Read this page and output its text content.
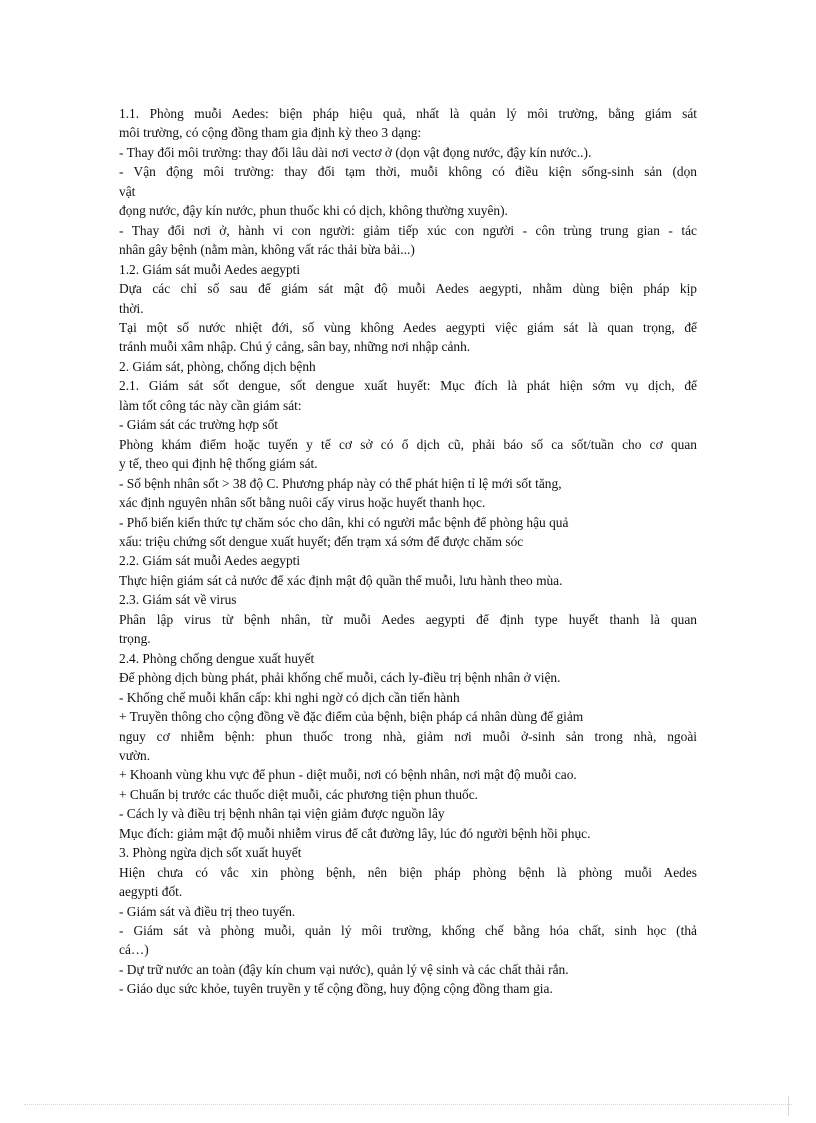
1.1. Phòng muỗi Aedes: biện pháp hiệu quả, nhất là quản lý môi trường, bằng giám sát
môi trường, có cộng đồng tham gia định kỳ theo 3 dạng:
- Thay đổi môi trường: thay đổi lâu dài nơi vectơ ở (dọn vật đọng nước, đậy kín nước..).
- Vận động môi trường: thay đổi tạm thời, muỗi không có điều kiện sống-sinh sản (dọn
vật
đọng nước, đậy kín nước, phun thuốc khi có dịch, không thường xuyên).
- Thay đổi nơi ở, hành vi con người: giảm tiếp xúc con người - côn trùng trung gian - tác
nhân gây bệnh (nằm màn, không vất rác thải bừa bải...)
1.2. Giám sát muỗi Aedes aegypti
Dựa các chỉ số sau để giám sát mật độ muỗi Aedes aegypti, nhằm dùng biện pháp kịp
thời.
Tại một số nước nhiệt đới, số vùng không Aedes aegypti việc giám sát là quan trọng, để
tránh muỗi xâm nhập. Chú ý cảng, sân bay, những nơi nhập cảnh.
2. Giám sát, phòng, chống dịch bệnh
2.1. Giám sát sốt dengue, sốt dengue xuất huyết: Mục đích là phát hiện sớm vụ dịch, để
làm tốt công tác này cần giám sát:
- Giám sát các trường hợp sốt
Phòng khám điểm hoặc tuyến y tế cơ sở có ổ dịch cũ, phải báo số ca sốt/tuần cho cơ quan
y tế, theo qui định hệ thống giám sát.
- Số bệnh nhân sốt > 38 độ C. Phương pháp này có thể phát hiện tỉ lệ mới sốt tăng,
xác định nguyên nhân sốt bằng nuôi cấy virus hoặc huyết thanh học.
- Phổ biến kiến thức tự chăm sóc cho dân, khi có người mắc bệnh để phòng hậu quả
xấu: triệu chứng sốt dengue xuất huyết; đến trạm xá sớm để được chăm sóc
2.2. Giám sát muỗi Aedes aegypti
Thực hiện giám sát cả nước để xác định mật độ quần thể muỗi, lưu hành theo mùa.
2.3. Giám sát về virus
Phân lập virus từ bệnh nhân, từ muỗi Aedes aegypti để định type huyết thanh là quan
trọng.
2.4. Phòng chống dengue xuất huyết
Để phòng dịch bùng phát, phải khống chế muỗi, cách ly-điều trị bệnh nhân ở viện.
- Khống chế muỗi khẩn cấp: khi nghi ngờ có dịch cần tiến hành
+ Truyền thông cho cộng đồng về đặc điểm của bệnh, biện pháp cá nhân dùng để giảm
nguy cơ nhiễm bệnh: phun thuốc trong nhà, giảm nơi muỗi ở-sinh sản trong nhà, ngoài
vườn.
+ Khoanh vùng khu vực để phun - diệt muỗi, nơi có bệnh nhân, nơi mật độ muỗi cao.
+ Chuẩn bị trước các thuốc diệt muỗi, các phương tiện phun thuốc.
- Cách ly và điều trị bệnh nhân tại viện giảm được nguồn lây
Mục đích: giảm mật độ muỗi nhiễm virus để cắt đường lây, lúc đó người bệnh hồi phục.
3. Phòng ngừa dịch sốt xuất huyết
Hiện chưa có vắc xin phòng bệnh, nên biện pháp phòng bệnh là phòng muỗi Aedes
aegypti đốt.
- Giám sát và điều trị theo tuyến.
- Giám sát và phòng muỗi, quản lý môi trường, khống chế bằng hóa chất, sinh học (thả
cá…)
- Dự trữ nước an toàn (đậy kín chum vại nước), quản lý vệ sinh và các chất thải rắn.
- Giáo dục sức khỏe, tuyên truyền y tế cộng đồng, huy động cộng đồng tham gia.
